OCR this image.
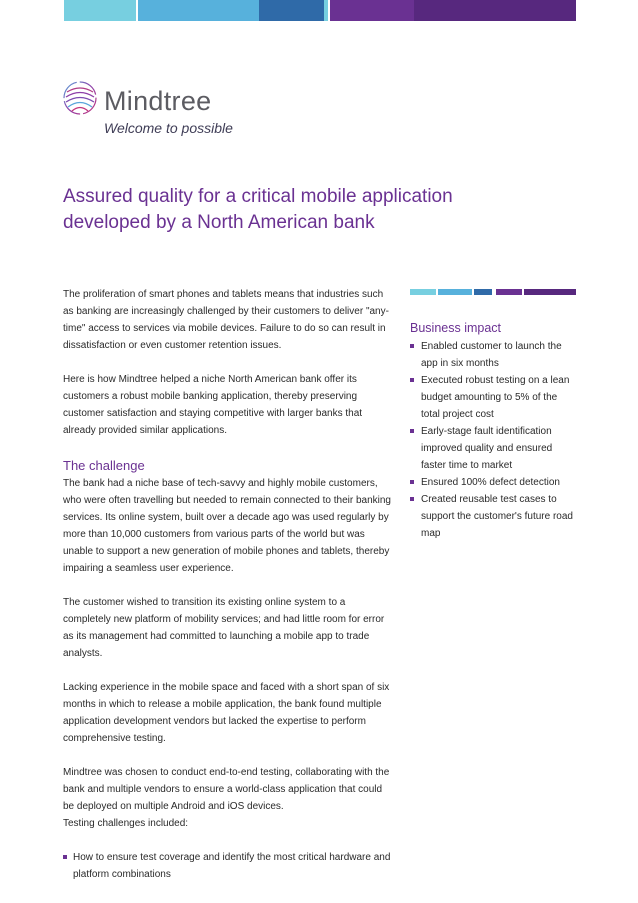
Mindtree
Welcome to possible
Assured quality for a critical mobile application developed by a North American bank

The proliferation of smart phones and tablets means that industries such as banking are increasingly challenged by their customers to deliver "any-time" access to services via mobile devices. Failure to do so can result in dissatisfaction or even customer retention issues.

Here is how Mindtree helped a niche North American bank offer its customers a robust mobile banking application, thereby preserving customer satisfaction and staying competitive with larger banks that already provided similar applications.

The challenge

The bank had a niche base of tech-savvy and highly mobile customers, who were often travelling but needed to remain connected to their banking services. Its online system, built over a decade ago was used regularly by more than 10,000 customers from various parts of the world but was unable to support a new generation of mobile phones and tablets, thereby impairing a seamless user experience.

The customer wished to transition its existing online system to a completely new platform of mobility services; and had little room for error as its management had committed to launching a mobile app to trade analysts.

Lacking experience in the mobile space and faced with a short span of six months in which to release a mobile application, the bank found multiple application development vendors but lacked the expertise to perform comprehensive testing.

Mindtree was chosen to conduct end-to-end testing, collaborating with the bank and multiple vendors to ensure a world-class application that could be deployed on multiple Android and iOS devices.

Testing challenges included:

How to ensure test coverage and identify the most critical hardware and platform combinations
Business impact
Enabled customer to launch the app in six months
Executed robust testing on a lean budget amounting to 5% of the total project cost
Early-stage fault identification improved quality and ensured faster time to market
Ensured 100% defect detection
Created reusable test cases to support the customer's future road map
